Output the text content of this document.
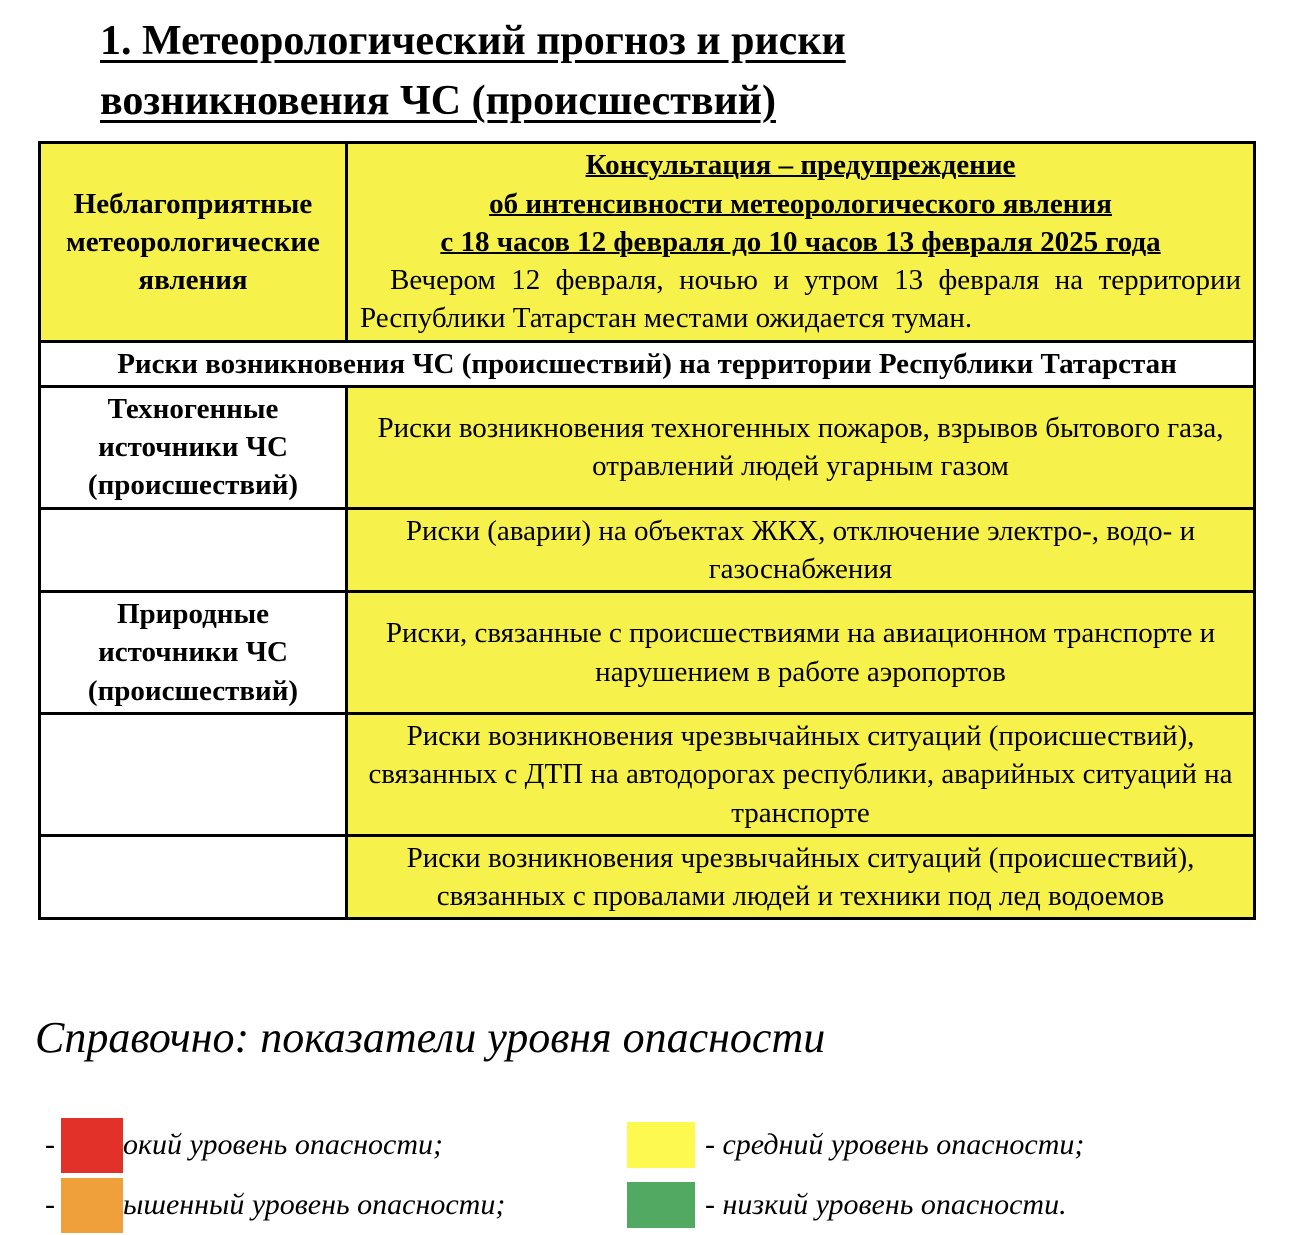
1. Метеорологический прогноз и риски
возникновения ЧС (происшествий)
Неблагоприятные метеорологические явления	Консультация – предупреждение
об интенсивности метеорологического явления
с 18 часов 12 февраля до 10 часов 13 февраля 2025 года
Вечером 12 февраля, ночью и утром 13 февраля на территории Республики Татарстан местами ожидается туман.

Риски возникновения ЧС (происшествий) на территории Республики Татарстан	
Техногенные источники ЧС (происшествий)	Риски возникновения техногенных пожаров, взрывов бытового газа, отравлений людей угарным газом
	Риски (аварии) на объектах ЖКХ, отключение электро-, водо- и газоснабжения
Природные источники ЧС (происшествий)	Риски, связанные с происшествиями на авиационном транспорте и нарушением в работе аэропортов
	Риски возникновения чрезвычайных ситуаций (происшествий), связанных с ДТП на автодорогах республики, аварийных ситуаций на транспорте
	Риски возникновения чрезвычайных ситуаций (происшествий), связанных с провалами людей и техники под лед водоемов
Справочно: показатели уровня опасности
- окий уровень опасности;
- ышенный уровень опасности;
- средний уровень опасности;
- низкий уровень опасности.
